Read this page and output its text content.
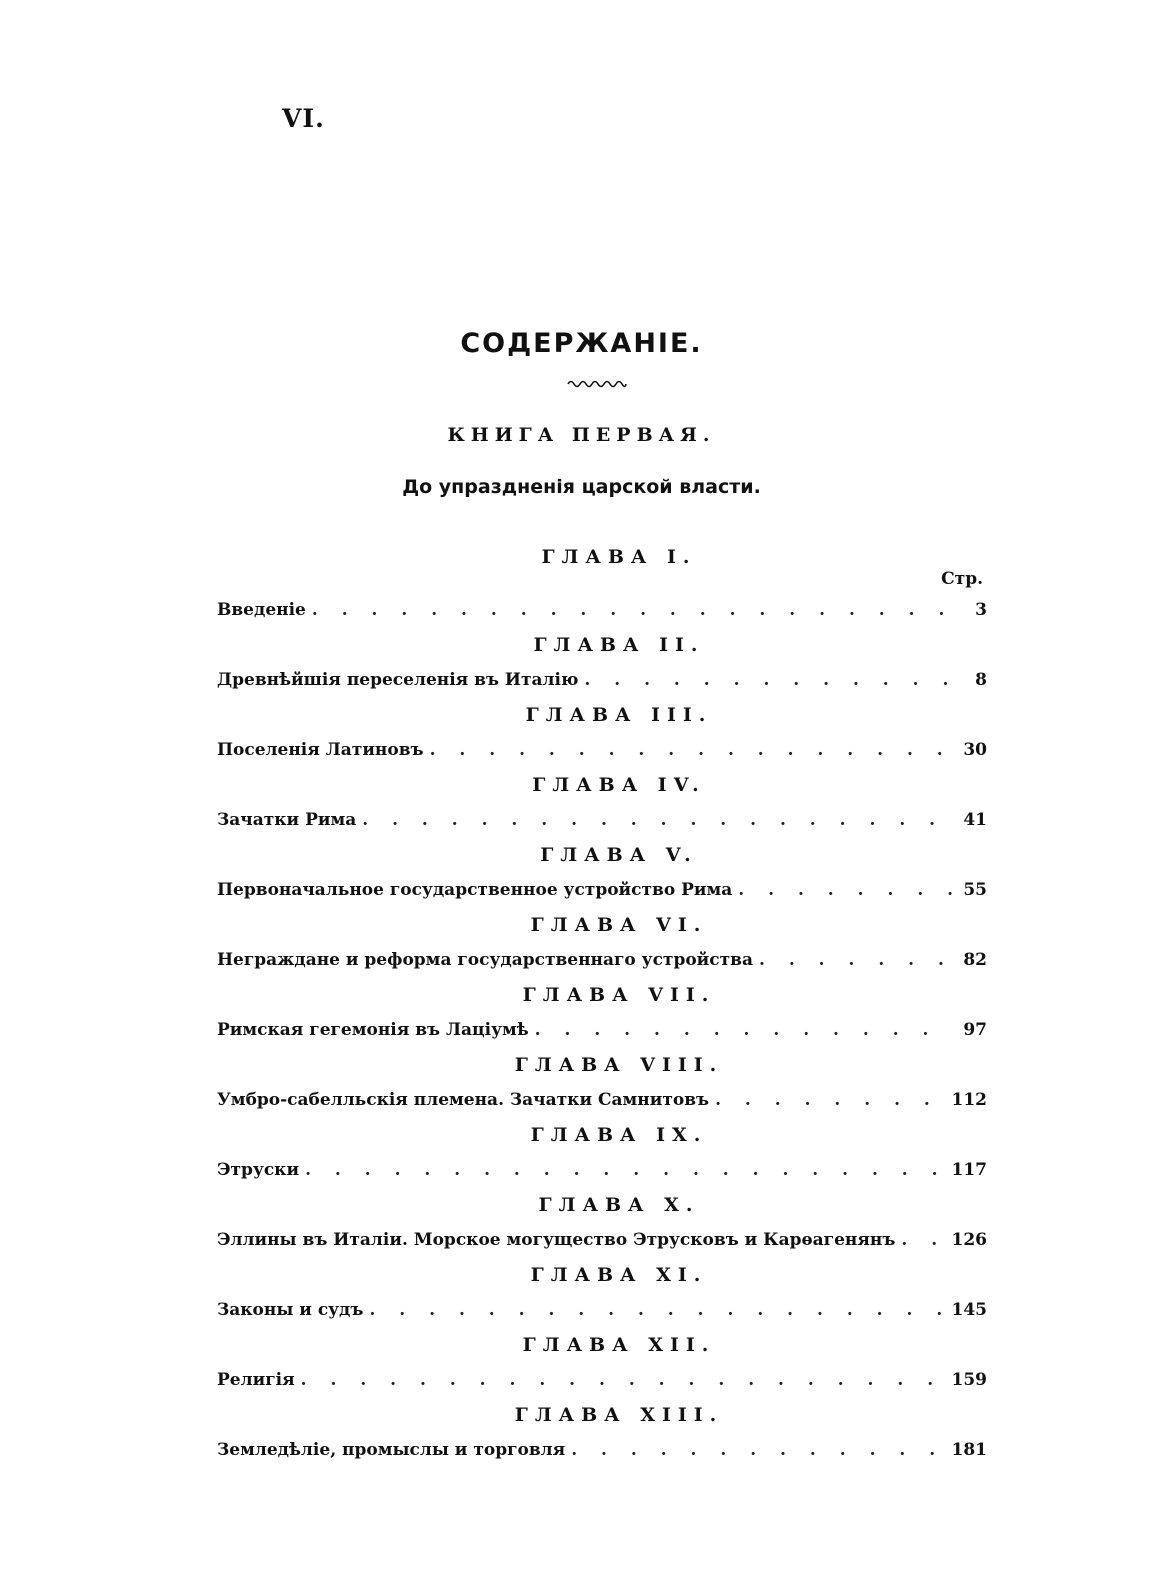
VI.
СОДЕРЖАНІЕ.
КНИГА ПЕРВАЯ.
До упраздненія царской власти.
ГЛАВА I.
Стр.
Введеніе . . .	3
ГЛАВА II.
Древнѣйшія переселенія въ Италію . . .	8
ГЛАВА III.
Поселенія Латиновъ . . .	30
ГЛАВА IV.
Зачатки Рима . . .	41
ГЛАВА V.
Первоначальное государственное устройство Рима . . .	55
ГЛАВА VI.
Неграждане и реформа государственнаго устройства . . .	82
ГЛАВА VII.
Римская гегемонія въ Лаціумѣ . . .	97
ГЛАВА VIII.
Умбро-сабелльскія племена. Зачатки Самнитовъ . . .	112
ГЛАВА IX.
Этруски . . .	117
ГЛАВА X.
Эллины въ Италіи. Морское могущество Этрусковъ и Карѳагенянъ . . .	126
ГЛАВА XI.
Законы и судъ . . .	145
ГЛАВА XII.
Религія . . .	159
ГЛАВА XIII.
Земледѣліе, промыслы и торговля . . .	181
